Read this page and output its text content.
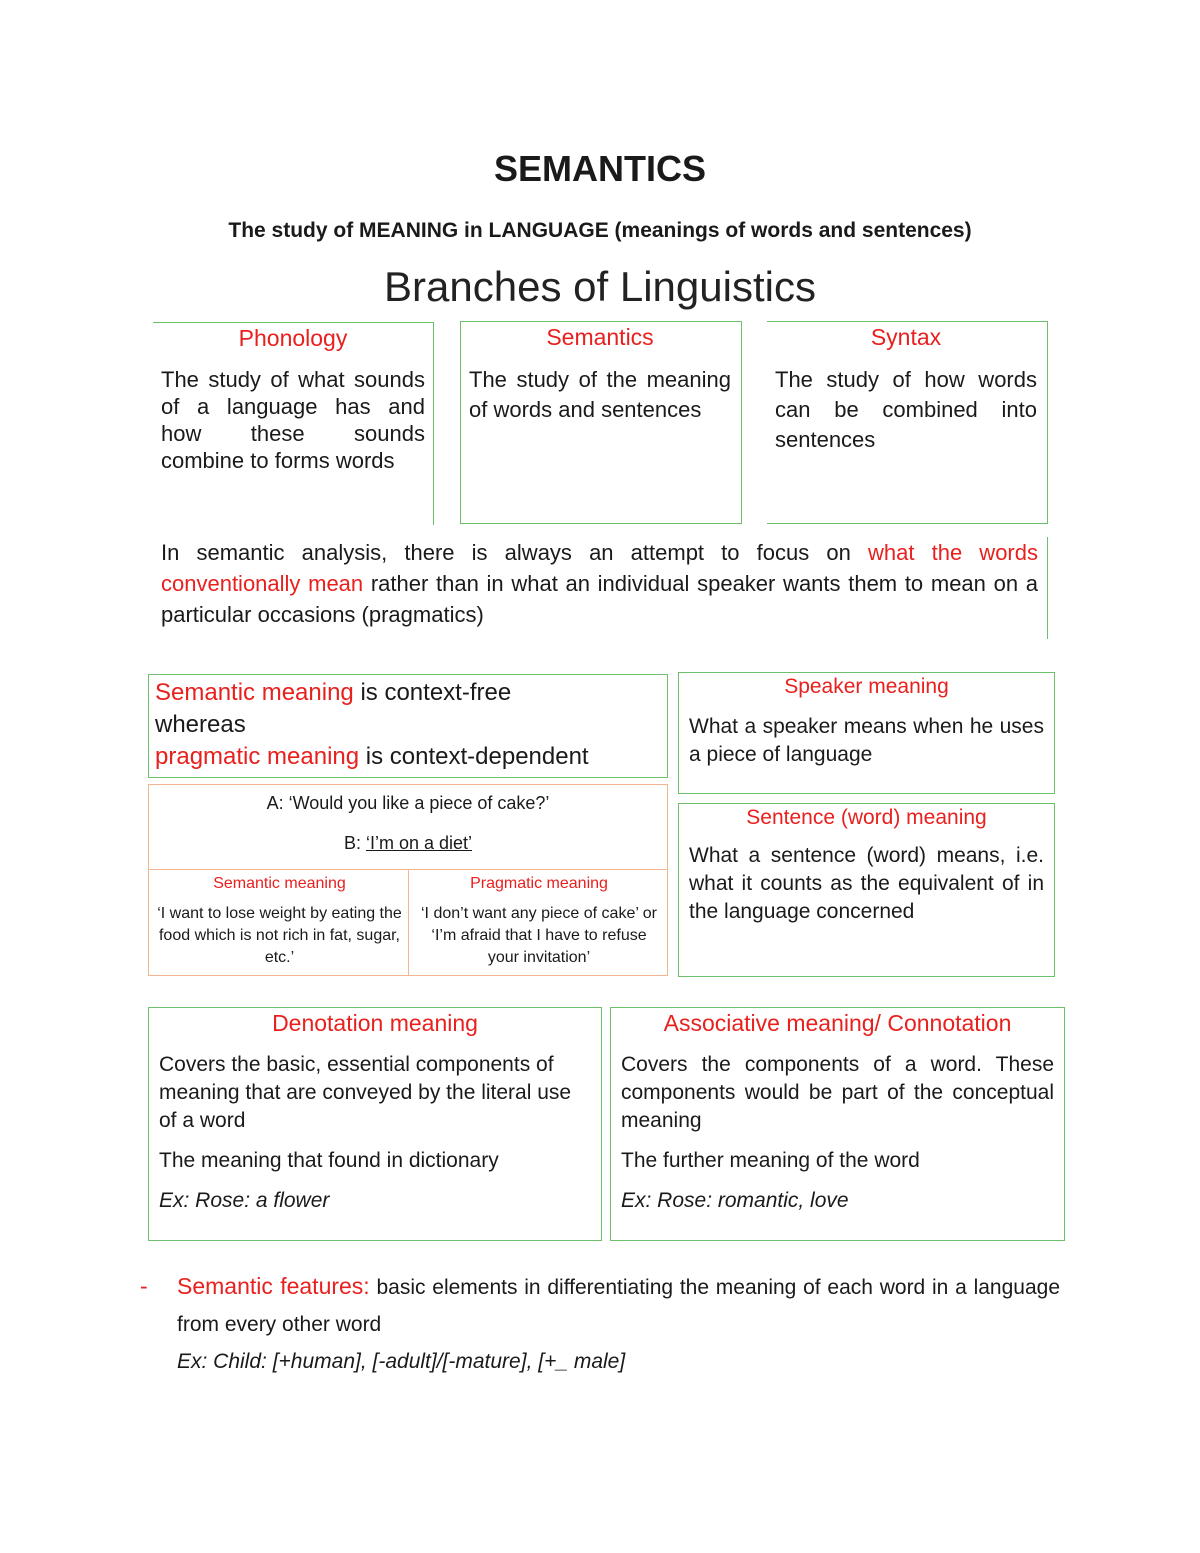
SEMANTICS
The study of MEANING in LANGUAGE (meanings of words and sentences)
Branches of Linguistics
Phonology
The study of what sounds of a language has and how these sounds combine to forms words
Semantics
The study of the meaning of words and sentences
Syntax
The study of how words can be combined into sentences
In semantic analysis, there is always an attempt to focus on what the words conventionally mean rather than in what an individual speaker wants them to mean on a particular occasions (pragmatics)
Semantic meaning is context-free
whereas
pragmatic meaning is context-dependent
A: ‘Would you like a piece of cake?’
B: ‘I’m on a diet’
Semantic meaning
‘I want to lose weight by eating the food which is not rich in fat, sugar, etc.’
Pragmatic meaning
‘I don’t want any piece of cake’ or ‘I’m afraid that I have to refuse your invitation’
Speaker meaning
What a speaker means when he uses a piece of language
Sentence (word) meaning
What a sentence (word) means, i.e. what it counts as the equivalent of in the language concerned
Denotation meaning

Covers the basic, essential components of meaning that are conveyed by the literal use of a word

The meaning that found in dictionary

Ex: Rose: a flower

Associative meaning/ Connotation

Covers the components of a word. These components would be part of the conceptual meaning

The further meaning of the word

Ex: Rose: romantic, love

- Semantic features: basic elements in differentiating the meaning of each word in a language from every other word
Ex: Child: [+human], [-adult]/[-mature], [+_ male]
